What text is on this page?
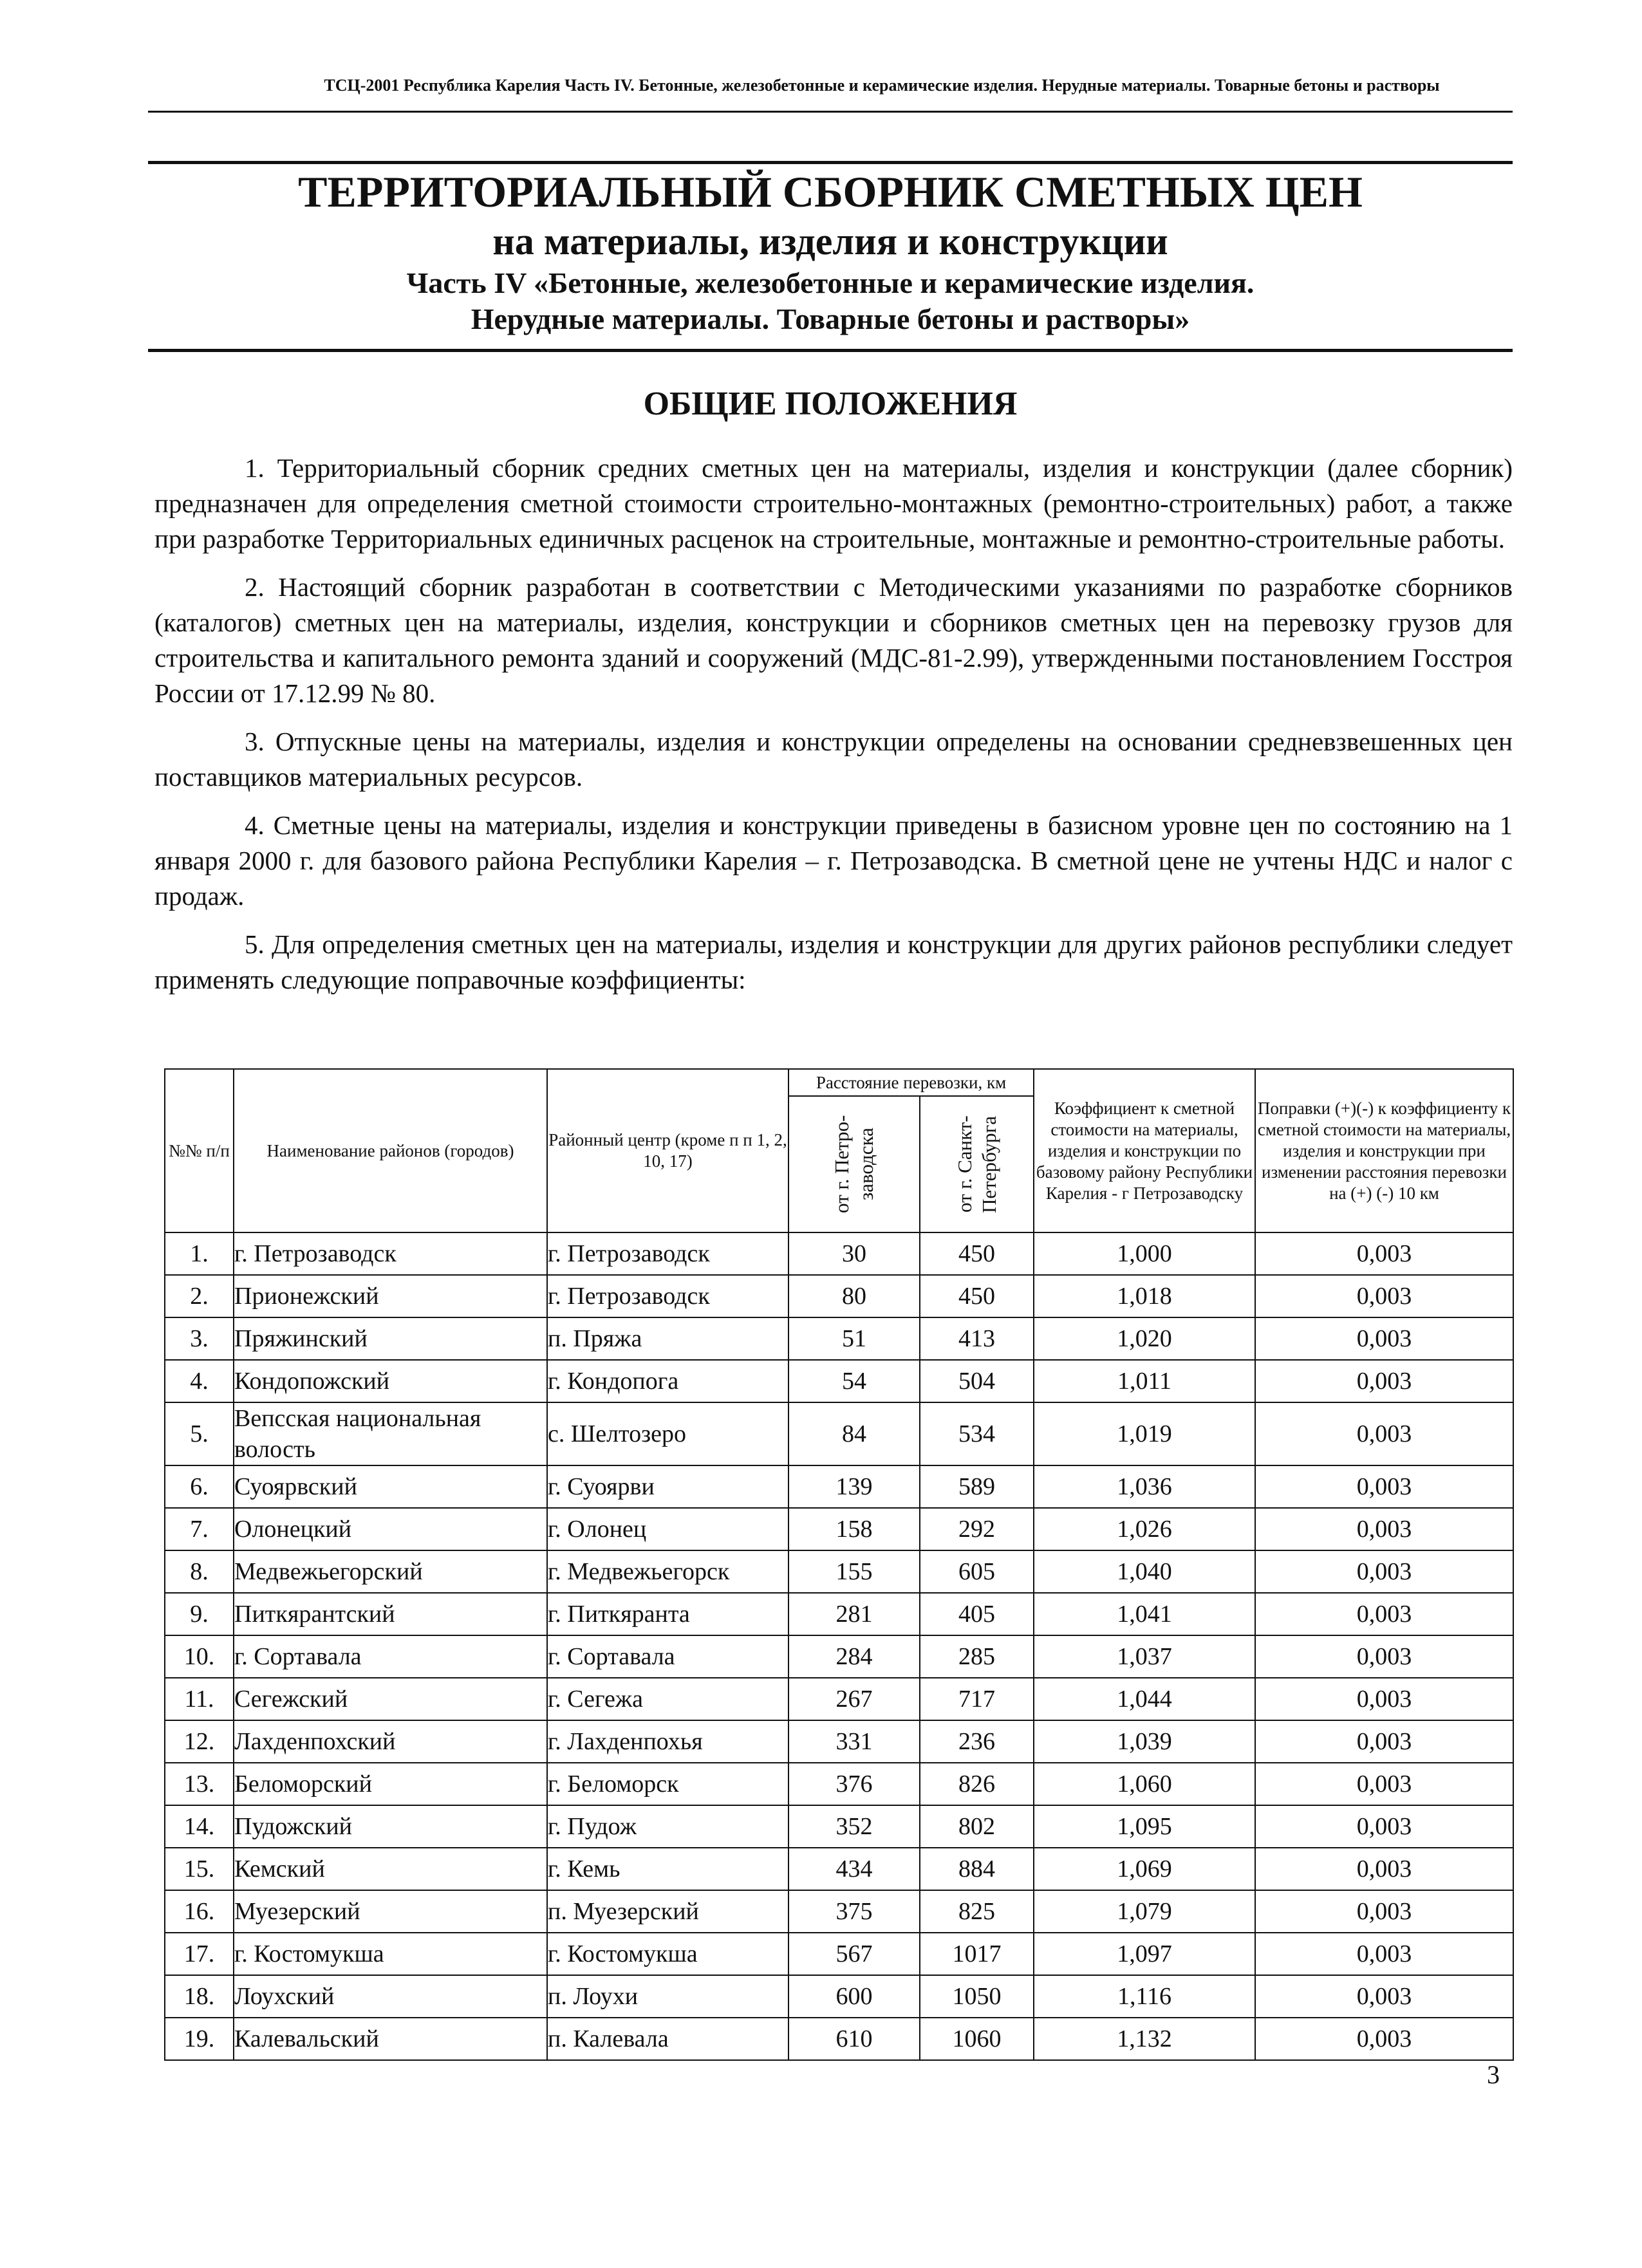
ТСЦ-2001 Республика Карелия Часть IV. Бетонные, железобетонные и керамические изделия. Нерудные материалы. Товарные бетоны и растворы
ТЕРРИТОРИАЛЬНЫЙ СБОРНИК СМЕТНЫХ ЦЕН
на материалы, изделия и конструкции
Часть IV «Бетонные, железобетонные и керамические изделия.
Нерудные материалы. Товарные бетоны и растворы»
ОБЩИЕ ПОЛОЖЕНИЯ

1. Территориальный сборник средних сметных цен на материалы, изделия и конструкции (далее сборник) предназначен для определения сметной стоимости строительно-монтажных (ремонтно-строительных) работ, а также при разработке Территориальных единичных расценок на строительные, монтажные и ремонтно-строительные работы.

2. Настоящий сборник разработан в соответствии с Методическими указаниями по разработке сборников (каталогов) сметных цен на материалы, изделия, конструкции и сборников сметных цен на перевозку грузов для строительства и капитального ремонта зданий и сооружений (МДС-81-2.99), утвержденными постановлением Госстроя России от 17.12.99 № 80.

3. Отпускные цены на материалы, изделия и конструкции определены на основании средневзвешенных цен поставщиков материальных ресурсов.

4. Сметные цены на материалы, изделия и конструкции приведены в базисном уровне цен по состоянию на 1 января 2000 г. для базового района Республики Карелия – г. Петрозаводска. В сметной цене не учтены НДС и налог с продаж.

5. Для определения сметных цен на материалы, изделия и конструкции для других районов республики следует применять следующие поправочные коэффициенты:

№№ п/п	Наименование районов (городов)	Районный центр (кроме п п 1, 2, 10, 17)	Расстояние перевозки, км		Коэффициент к сметной стоимости на материалы, изделия и конструкции по базовому району Республики Карелия - г Петрозаводску	Поправки (+)(-) к коэффициенту к сметной стоимости на материалы, изделия и конструкции при изменении расстояния перевозки на (+) (-) 10 км

			от г. Петро-заводска	от г. Санкт-Петербурга		

1.	г. Петрозаводск	г. Петрозаводск	30	450	1,000	0,003
2.	Прионежский	г. Петрозаводск	80	450	1,018	0,003
3.	Пряжинский	п. Пряжа	51	413	1,020	0,003
4.	Кондопожский	г. Кондопога	54	504	1,011	0,003
5.	Вепсская национальная волость	с. Шелтозеро	84	534	1,019	0,003
6.	Суоярвский	г. Суоярви	139	589	1,036	0,003
7.	Олонецкий	г. Олонец	158	292	1,026	0,003
8.	Медвежьегорский	г. Медвежьегорск	155	605	1,040	0,003
9.	Питкярантский	г. Питкяранта	281	405	1,041	0,003
10.	г. Сортавала	г. Сортавала	284	285	1,037	0,003
11.	Сегежский	г. Сегежа	267	717	1,044	0,003
12.	Лахденпохский	г. Лахденпохья	331	236	1,039	0,003
13.	Беломорский	г. Беломорск	376	826	1,060	0,003
14.	Пудожский	г. Пудож	352	802	1,095	0,003
15.	Кемский	г. Кемь	434	884	1,069	0,003
16.	Муезерский	п. Муезерский	375	825	1,079	0,003
17.	г. Костомукша	г. Костомукша	567	1017	1,097	0,003
18.	Лоухский	п. Лоухи	600	1050	1,116	0,003
19.	Калевальский	п. Калевала	610	1060	1,132	0,003
3
